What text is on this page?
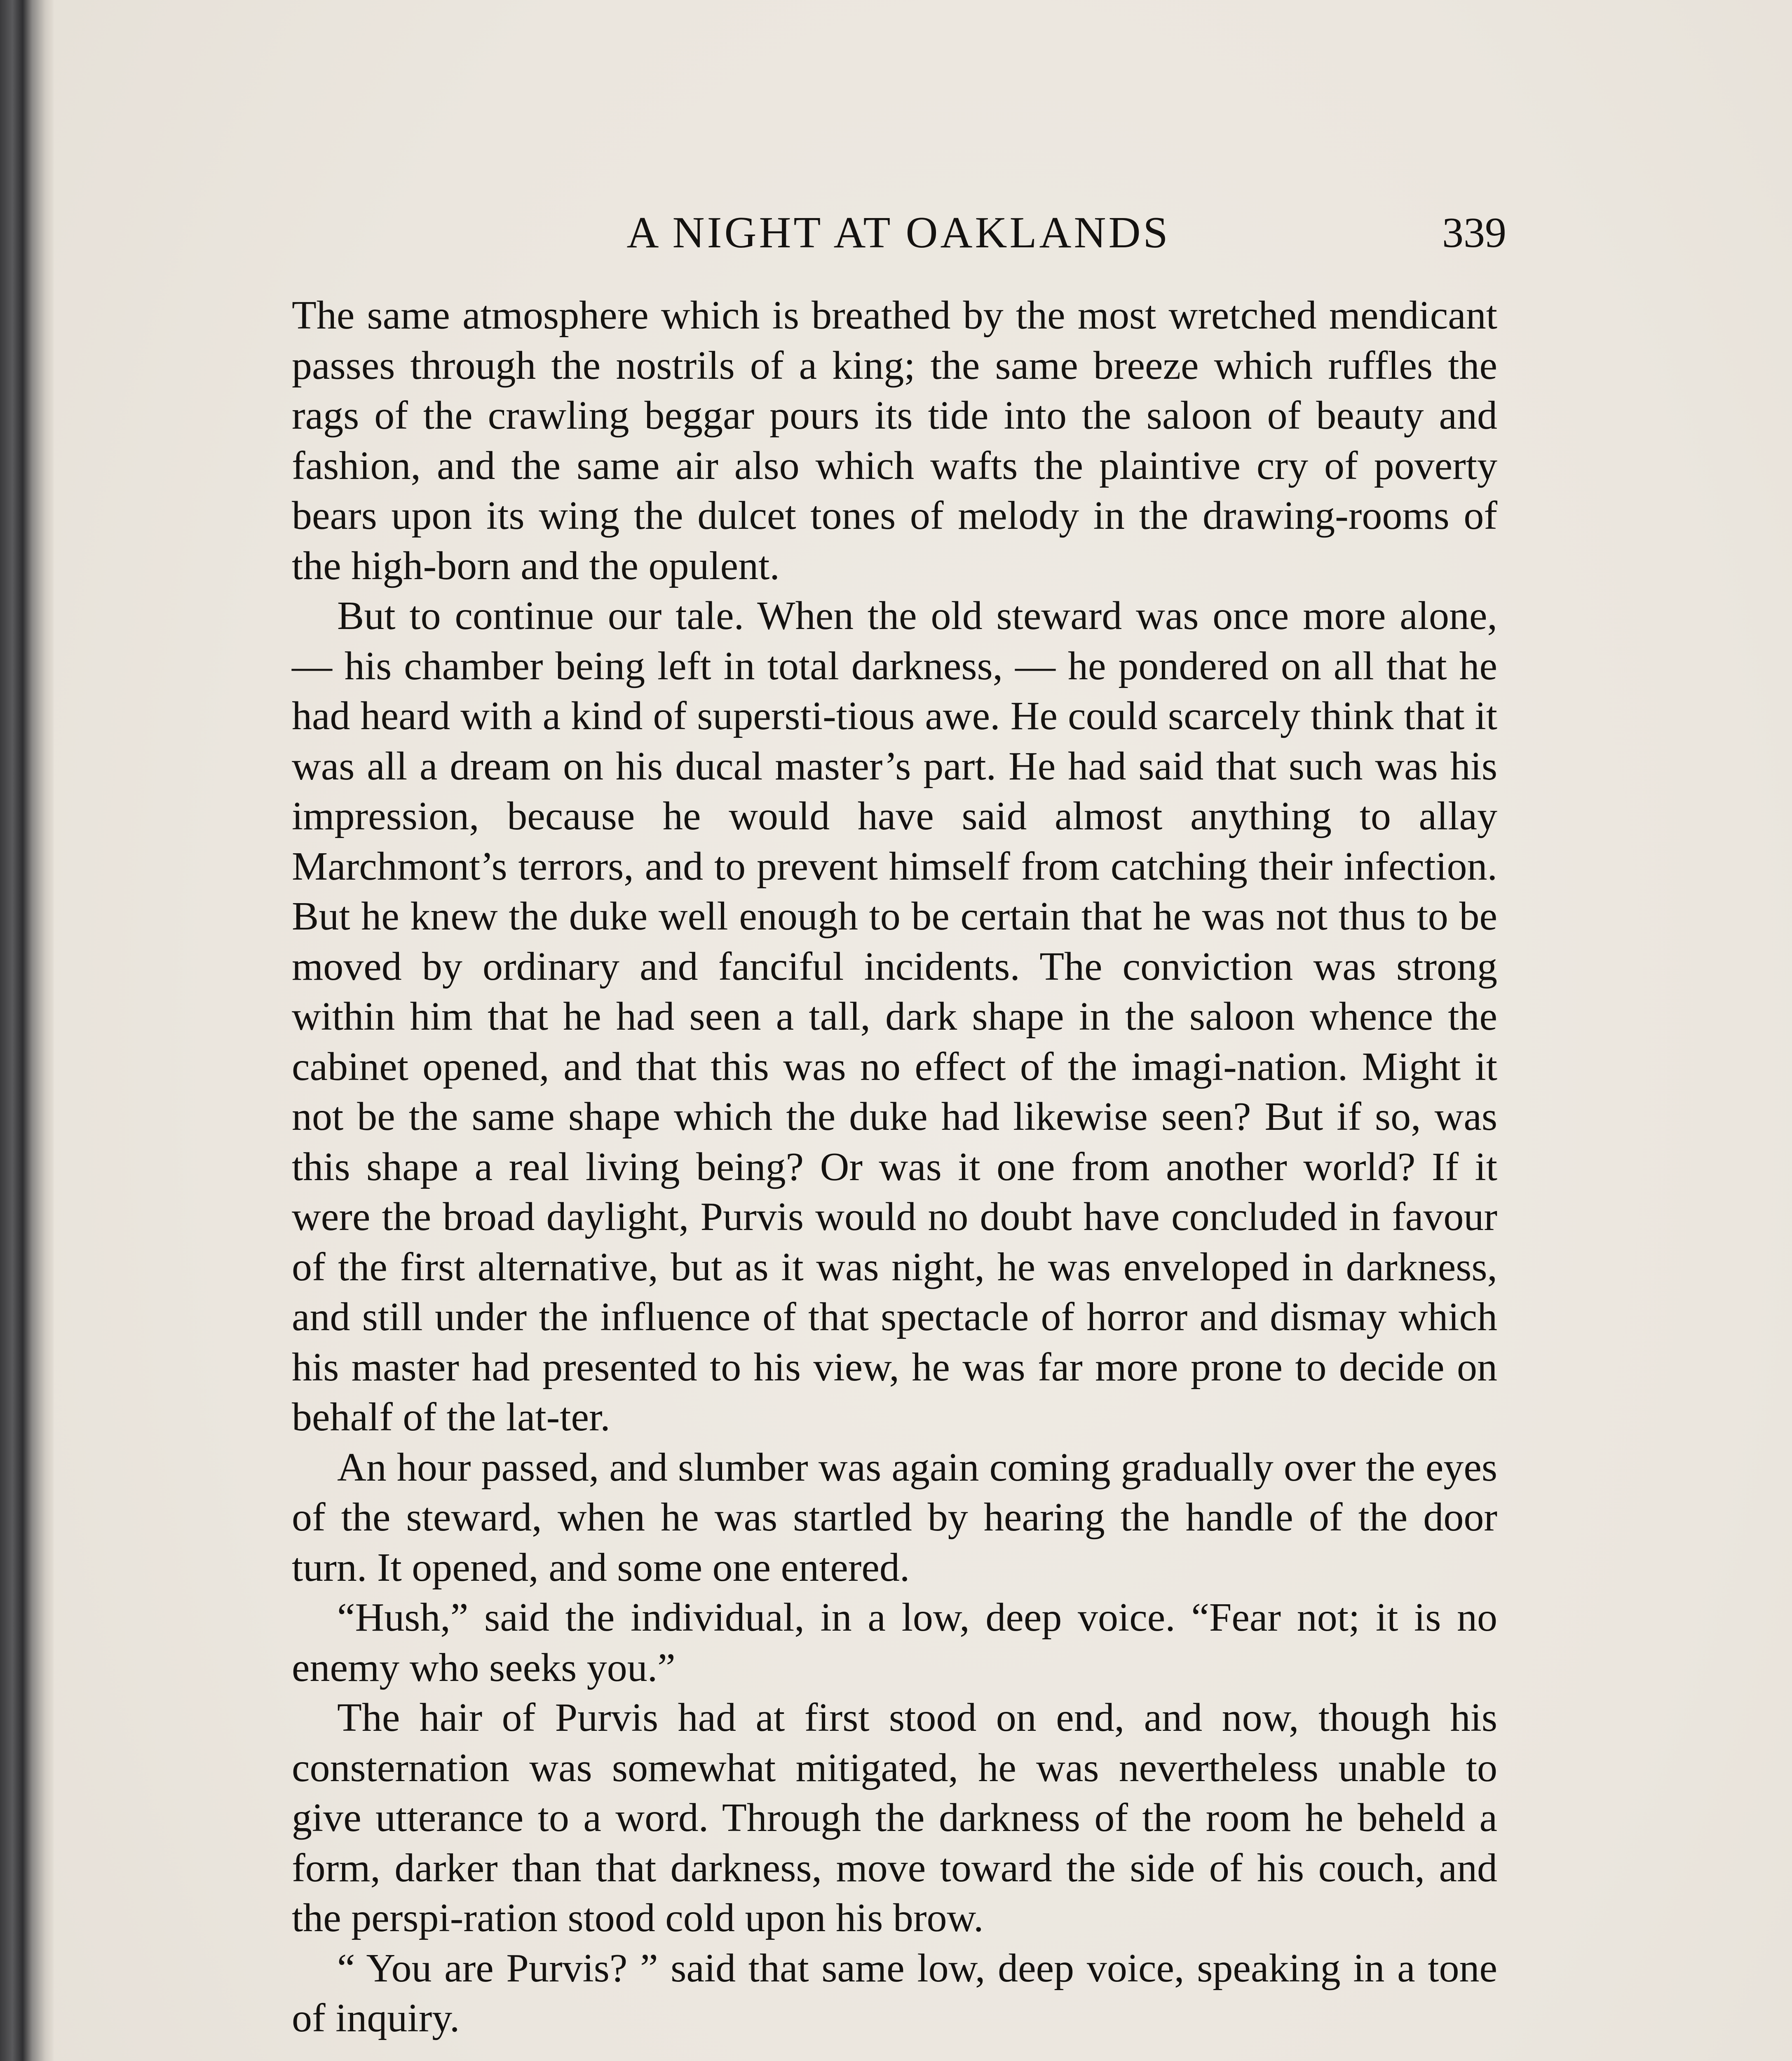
A NIGHT AT OAKLANDS	339

The same atmosphere which is breathed by the most wretched mendicant passes through the nostrils of a king; the same breeze which ruffles the rags of the crawling beggar pours its tide into the saloon of beauty and fashion, and the same air also which wafts the plaintive cry of poverty bears upon its wing the dulcet tones of melody in the drawing-rooms of the high-born and the opulent.

But to continue our tale. When the old steward was once more alone, — his chamber being left in total darkness, — he pondered on all that he had heard with a kind of supersti-tious awe. He could scarcely think that it was all a dream on his ducal master’s part. He had said that such was his impression, because he would have said almost anything to allay Marchmont’s terrors, and to prevent himself from catching their infection. But he knew the duke well enough to be certain that he was not thus to be moved by ordinary and fanciful incidents. The conviction was strong within him that he had seen a tall, dark shape in the saloon whence the cabinet opened, and that this was no effect of the imagi-nation. Might it not be the same shape which the duke had likewise seen? But if so, was this shape a real living being? Or was it one from another world? If it were the broad daylight, Purvis would no doubt have concluded in favour of the first alternative, but as it was night, he was enveloped in darkness, and still under the influence of that spectacle of horror and dismay which his master had presented to his view, he was far more prone to decide on behalf of the lat-ter.

An hour passed, and slumber was again coming gradually over the eyes of the steward, when he was startled by hearing the handle of the door turn. It opened, and some one entered.

“Hush,” said the individual, in a low, deep voice. “Fear not; it is no enemy who seeks you.”

The hair of Purvis had at first stood on end, and now, though his consternation was somewhat mitigated, he was nevertheless unable to give utterance to a word. Through the darkness of the room he beheld a form, darker than that darkness, move toward the side of his couch, and the perspi-ration stood cold upon his brow.

“ You are Purvis? ” said that same low, deep voice, speaking in a tone of inquiry.
